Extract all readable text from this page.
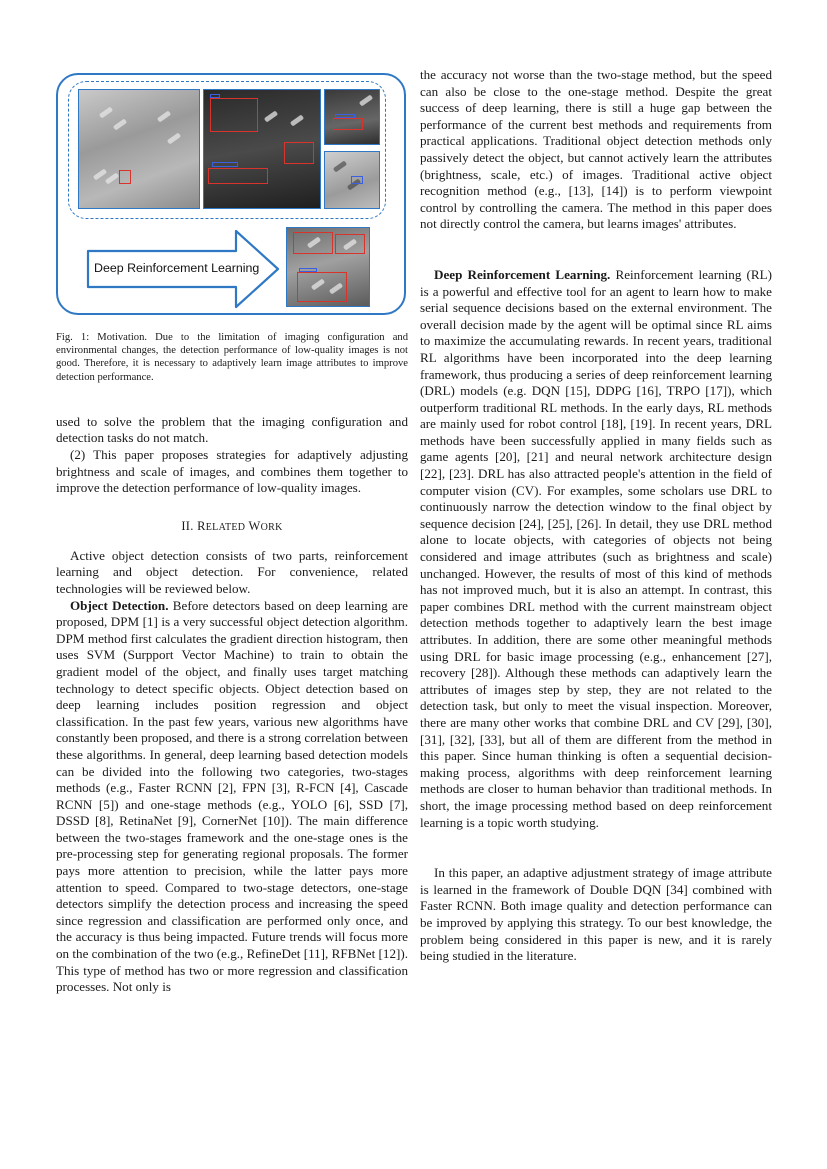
Deep Reinforcement Learning

Fig. 1: Motivation. Due to the limitation of imaging configuration and environmental changes, the detection performance of low-quality images is not good. Therefore, it is necessary to adaptively learn image attributes to improve detection performance.

used to solve the problem that the imaging configuration and detection tasks do not match.

(2) This paper proposes strategies for adaptively adjusting brightness and scale of images, and combines them together to improve the detection performance of low-quality images.

II. RELATED WORK

Active object detection consists of two parts, reinforcement learning and object detection. For convenience, related technologies will be reviewed below.

Object Detection. Before detectors based on deep learning are proposed, DPM [1] is a very successful object detection algorithm. DPM method first calculates the gradient direction histogram, then uses SVM (Surpport Vector Machine) to train to obtain the gradient model of the object, and finally uses target matching technology to detect specific objects. Object detection based on deep learning includes position regression and object classification. In the past few years, various new algorithms have constantly been proposed, and there is a strong correlation between these algorithms. In general, deep learning based detection models can be divided into the following two categories, two-stages methods (e.g., Faster RCNN [2], FPN [3], R-FCN [4], Cascade RCNN [5]) and one-stage methods (e.g., YOLO [6], SSD [7], DSSD [8], RetinaNet [9], CornerNet [10]). The main difference between the two-stages framework and the one-stage ones is the pre-processing step for generating regional proposals. The former pays more attention to precision, while the latter pays more attention to speed. Compared to two-stage detectors, one-stage detectors simplify the detection process and increasing the speed since regression and classification are performed only once, and the accuracy is thus being impacted. Future trends will focus more on the combination of the two (e.g., RefineDet [11], RFBNet [12]). This type of method has two or more regression and classification processes. Not only is

the accuracy not worse than the two-stage method, but the speed can also be close to the one-stage method. Despite the great success of deep learning, there is still a huge gap between the performance of the current best methods and requirements from practical applications. Traditional object detection methods only passively detect the object, but cannot actively learn the attributes (brightness, scale, etc.) of images. Traditional active object recognition method (e.g., [13], [14]) is to perform viewpoint control by controlling the camera. The method in this paper does not directly control the camera, but learns images' attributes.

Deep Reinforcement Learning. Reinforcement learning (RL) is a powerful and effective tool for an agent to learn how to make serial sequence decisions based on the external environment. The overall decision made by the agent will be optimal since RL aims to maximize the accumulating rewards. In recent years, traditional RL algorithms have been incorporated into the deep learning framework, thus producing a series of deep reinforcement learning (DRL) models (e.g. DQN [15], DDPG [16], TRPO [17]), which outperform traditional RL methods. In the early days, RL methods are mainly used for robot control [18], [19]. In recent years, DRL methods have been successfully applied in many fields such as game agents [20], [21] and neural network architecture design [22], [23]. DRL has also attracted people's attention in the field of computer vision (CV). For examples, some scholars use DRL to continuously narrow the detection window to the final object by sequence decision [24], [25], [26]. In detail, they use DRL method alone to locate objects, with categories of objects not being considered and image attributes (such as brightness and scale) unchanged. However, the results of most of this kind of methods has not improved much, but it is also an attempt. In contrast, this paper combines DRL method with the current mainstream object detection methods together to adaptively learn the best image attributes. In addition, there are some other meaningful methods using DRL for basic image processing (e.g., enhancement [27], recovery [28]). Although these methods can adaptively learn the attributes of images step by step, they are not related to the detection task, but only to meet the visual inspection. Moreover, there are many other works that combine DRL and CV [29], [30], [31], [32], [33], but all of them are different from the method in this paper. Since human thinking is often a sequential decision-making process, algorithms with deep reinforcement learning methods are closer to human behavior than traditional methods. In short, the image processing method based on deep reinforcement learning is a topic worth studying.

In this paper, an adaptive adjustment strategy of image attribute is learned in the framework of Double DQN [34] combined with Faster RCNN. Both image quality and detection performance can be improved by applying this strategy. To our best knowledge, the problem being considered in this paper is new, and it is rarely being studied in the literature.
